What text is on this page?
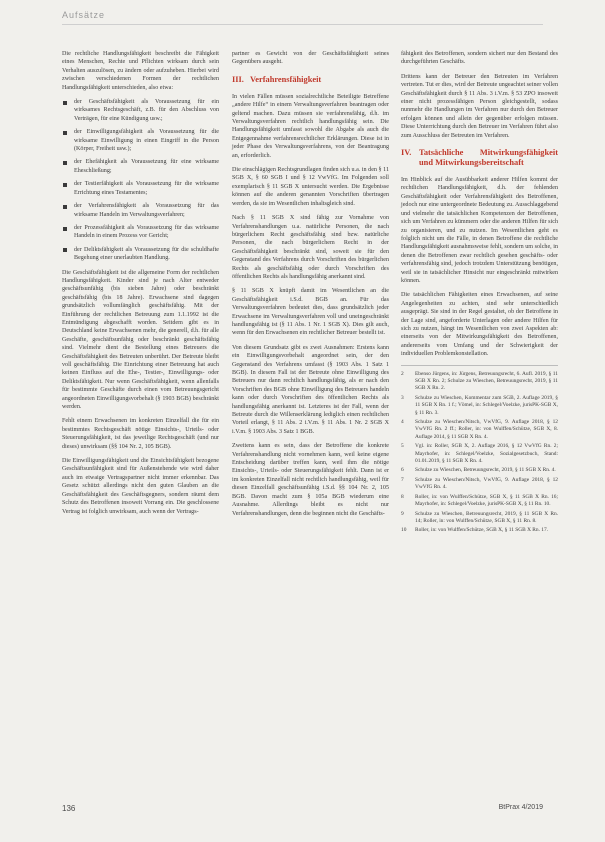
Aufsätze

Die rechtliche Handlungsfähigkeit beschreibt die Fähigkeit eines Menschen, Rechte und Pflichten wirksam durch sein Verhalten auszulösen, zu ändern oder aufzuheben. Hierbei wird zwischen verschiedenen Formen der rechtlichen Handlungsfähigkeit unterschieden, also etwa:

der Geschäftsfähigkeit als Voraussetzung für ein wirksames Rechtsgeschäft, z.B. für den Abschluss von Verträgen, für eine Kündigung usw.;
der Einwilligungsfähigkeit als Voraussetzung für die wirksame Einwilligung in einen Eingriff in die Person (Körper, Freiheit usw.);
der Ehefähigkeit als Voraussetzung für eine wirksame Eheschließung;
der Testierfähigkeit als Voraussetzung für die wirksame Errichtung eines Testamentes;
der Verfahrensfähigkeit als Voraussetzung für das wirksame Handeln im Verwaltungsverfahren;
der Prozessfähigkeit als Voraussetzung für das wirksame Handeln in einem Prozess vor Gericht;
der Deliktsfähigkeit als Voraussetzung für die schuldhafte Begehung einer unerlaubten Handlung.

Die Geschäftsfähigkeit ist die allgemeine Form der rechtlichen Handlungsfähigkeit. Kinder sind je nach Alter entweder geschäftsunfähig (bis sieben Jahre) oder beschränkt geschäftsfähig (bis 18 Jahre). Erwachsene sind dagegen grundsätzlich vollumfänglich geschäftsfähig. Mit der Einführung der rechtlichen Betreuung zum 1.1.1992 ist die Entmündigung abgeschafft worden. Seitdem gibt es in Deutschland keine Erwachsenen mehr, die generell, d.h. für alle Geschäfte, geschäftsunfähig oder beschränkt geschäftsfähig sind. Vielmehr dient die Bestellung eines Betreuers die Geschäftsfähigkeit des Betreuten unberührt. Der Betreute bleibt voll geschäftsfähig. Die Einrichtung einer Betreuung hat auch keinen Einfluss auf die Ehe-, Testier-, Einwilligungs- oder Deliktsfähigkeit. Nur wenn Geschäftsfähigkeit, wenn allenfalls für bestimmte Geschäfte durch einen vom Betreuungsgericht angeordneten Einwilligungsvorbehalt (§ 1903 BGB) beschränkt werden.

Fehlt einem Erwachsenen im konkreten Einzelfall die für ein bestimmtes Rechtsgeschäft nötige Einsichts-, Urteils- oder Steuerungsfähigkeit, ist das jeweilige Rechtsgeschäft (und nur dieses) unwirksam (§§ 104 Nr. 2, 105 BGB).

Die Einwilligungsfähigkeit und die Einsichtsfähigkeit bezogene Geschäftsunfähigkeit sind für Außenstehende wie wird daher auch im etwaige Vertragspartner nicht immer erkennbar. Das Gesetz schützt allerdings nicht den guten Glauben an die Geschäftsfähigkeit des Geschäftsgegners, sondern räumt dem Schutz des Betroffenen insoweit Vorrang ein. Die geschlossene Vertrag ist folglich unwirksam, auch wenn der Vertrags-

partner es Gewicht von der Geschäftsfähigkeit seines Gegenübers ausgeht.

III. Verfahrensfähigkeit

In vielen Fällen müssen sozialrechtliche Beteiligte Betreffene „andere Hilfe“ in einem Verwaltungsverfahren beantragen oder geltend machen. Dazu müssen sie verfahrensfähig, d.h. im Verwaltungsverfahren rechtlich handlungsfähig sein. Die Handlungsfähigkeit umfasst sowohl die Abgabe als auch die Entgegennahme verfahrensrechtlicher Erklärungen. Diese ist in jeder Phase des Verwaltungsverfahrens, von der Beantragung an, erforderlich.

Die einschlägigen Rechtsgrundlagen finden sich u.a. in den § 11 SGB X, § 60 SGB I und § 12 VwVfG. Im Folgenden soll exemplarisch § 11 SGB X untersucht werden. Die Ergebnisse können auf die anderen genannten Vorschriften übertragen werden, da sie im Wesentlichen inhaltsgleich sind.

Nach § 11 SGB X sind fähig zur Vornahme von Verfahrenshandlungen u.a. natürliche Personen, die nach bürgerlichem Recht geschäftsfähig sind bzw. natürliche Personen, die nach bürgerlichem Recht in der Geschäftsfähigkeit beschränkt sind, soweit sie für den Gegenstand des Verfahrens durch Vorschriften des bürgerlichen Rechts als geschäftsfähig oder durch Vorschriften des öffentlichen Rechts als handlungsfähig anerkannt sind.

§ 11 SGB X knüpft damit im Wesentlichen an die Geschäftsfähigkeit i.S.d. BGB an. Für das Verwaltungsverfahren bedeutet dies, dass grundsätzlich jeder Erwachsene im Verwaltungsverfahren voll und uneingeschränkt handlungsfähig ist (§ 11 Abs. 1 Nr. 1 SGB X). Dies gilt auch, wenn für den Erwachsenen ein rechtlicher Betreuer bestellt ist.

Von diesem Grundsatz gibt es zwei Ausnahmen: Erstens kann ein Einwilligungsvorbehalt angeordnet sein, der den Gegenstand des Verfahrens umfasst (§ 1903 Abs. 1 Satz 1 BGB). In diesem Fall ist der Betreute ohne Einwilligung des Betreuers nur dann rechtlich handlungsfähig, als er nach den Vorschriften des BGB ohne Einwilligung des Betreuers handeln kann oder durch Vorschriften des öffentlichen Rechts als handlungsfähig anerkannt ist. Letzteres ist der Fall, wenn der Betreute durch die Willenserklärung lediglich einen rechtlichen Vorteil erlangt, § 11 Abs. 2 i.V.m. § 11 Abs. 1 Nr. 2 SGB X i.V.m. § 1903 Abs. 3 Satz 1 BGB.

Zweitens kann es sein, dass der Betroffene die konkrete Verfahrenshandlung nicht vornehmen kann, weil keine eigene Entscheidung darüber treffen kann, weil ihm die nötige Einsichts-, Urteils- oder Steuerungsfähigkeit fehlt. Dann ist er im konkreten Einzelfall nicht rechtlich handlungsfähig, weil für diesen Einzelfall geschäftsunfähig i.S.d. §§ 104 Nr. 2, 105 BGB. Davon macht zum § 105a BGB wiederum eine Ausnahme. Allerdings bleibt es nicht nur Verfahrenshandlungen, denn die beginnen nicht die Geschäfts-

fähigkeit des Betroffenen, sondern sichert nur den Bestand des durchgeführten Geschäfts.

Drittens kann der Betreuer den Betreuten im Verfahren vertreten. Tut er dies, wird der Betreute ungeachtet seiner vollen Geschäftsfähigkeit durch § 11 Abs. 3 i.V.m. § 53 ZPO insoweit einer nicht prozessfähigen Person gleichgestellt, sodass nunmehr die Handlungen im Verfahren nur durch den Betreuer erfolgen können und allein der gegenüber erfolgen müssen. Diese Unterrichtung durch den Betreuer im Verfahren führt also zum Ausschluss der Betreuten im Verfahren.

IV. Tatsächliche Mitwirkungsfähigkeit und Mitwirkungsbereitschaft

Im Hinblick auf die Ausübbarkeit anderer Hilfen kommt der rechtlichen Handlungsfähigkeit, d.h. der fehlenden Geschäftsfähigkeit oder Verfahrensfähigkeit des Betroffenen, jedoch nur eine untergeordnete Bedeutung zu. Ausschlaggebend und vielmehr die tatsächlichen Kompetenzen der Betroffenen, sich um Verfahren zu kümmern oder die anderen Hilfen für sich zu organisieren, und zu nutzen. Im Wesentlichen geht es folglich nicht um die Fälle, in denen Betroffene die rechtliche Handlungsfähigkeit ausnahmsweise fehlt, sondern um solche, in denen die Betroffenen zwar rechtlich gesehen geschäfts- oder verfahrensfähig sind, jedoch trotzdem Unterstützung benötigen, weil sie in tatsächlicher Hinsicht nur eingeschränkt mitwirken können.

Die tatsächlichen Fähigkeiten eines Erwachsenen, auf seine Angelegenheiten zu achten, sind sehr unterschiedlich ausgeprägt. Sie sind in der Regel gestaltet, ob der Betroffene in der Lage sind, angeforderte Unterlagen oder andere Hilfen für sich zu nutzen, hängt im Wesentlichen von zwei Aspekten ab: einerseits von der Mitwirkungsfähigkeit des Betroffenen, andererseits vom Umfang und der Schwierigkeit der individuellen Problemkonstellation.

2	Ebenso Jürgens, in: Jürgens, Betreuungsrecht, 6. Aufl. 2019, § 11 SGB X Rn. 2; Schulze zu Wieschen, Betreuungsrecht, 2019, § 11 SGB X Rn. 2.
3	Schulze zu Wieschen, Kommentar zum SGB, 2. Auflage 2019, § 11 SGB X Rn. 1 f.; Vömel, in: Schlegel/Voelzke, jurisPK-SGB X, § 11 Rn. 3.
4	Schulze zu Wieschen/Nitsch, VwVfG, 9. Auflage 2018, § 12 VwVfG Rn. 2 ff.; Roller, in: von Wulffen/Schütze, SGB X, 8. Auflage 2014, § 11 SGB X Rn. 4.
5	Vgl. in: Roller, SGB X, 2. Auflage 2016, § 12 VwVfG Rn. 2; Mayrhofer, in: Schlegel/Voelzke, Sozialgesetzbuch, Stand: 01.01.2019, § 11 SGB X Rn. 4.
6	Schulze zu Wieschen, Betreuungsrecht, 2019, § 11 SGB X Rn. 4.
7	Schulze zu Wieschen/Nitsch, VwVfG, 9. Auflage 2018, § 12 VwVfG Rn. 4.
8	Roller, in: von Wulffen/Schütze, SGB X, § 11 SGB X Rn. 16; Mayrhofer, in: Schlegel/Voelzke, jurisPK-SGB X, § 11 Rn. 10.
9	Schulze zu Wieschen, Betreuungsrecht, 2019, § 11 SGB X Rn. 14; Roller, in: von Wulffen/Schütze, SGB X, § 11 Rn. 8.
10	Roller, in: von Wulffen/Schütze, SGB X, § 11 SGB X Rn. 17.
136	BtPrax 4/2019
